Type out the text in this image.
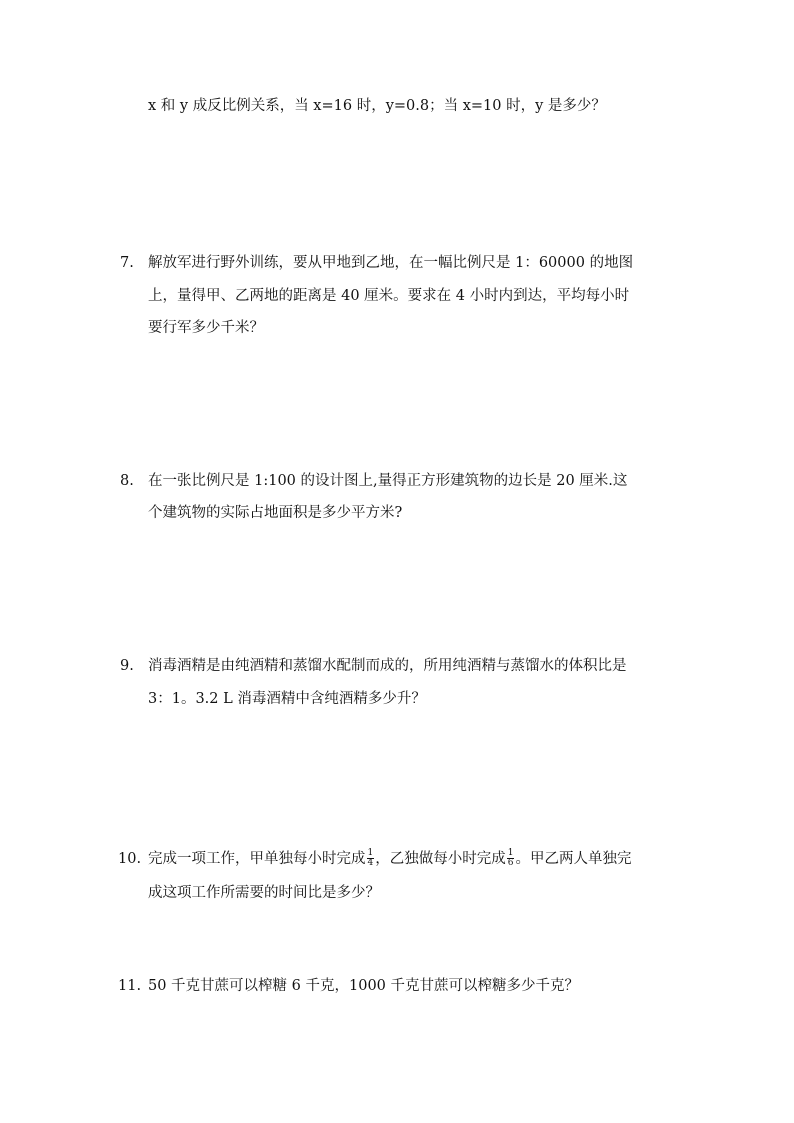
x 和 y 成反比例关系，当 x=16 时，y=0.8；当 x=10 时，y 是多少？
7. 解放军进行野外训练，要从甲地到乙地，在一幅比例尺是 1：60000 的地图
上，量得甲、乙两地的距离是 40 厘米。要求在 4 小时内到达，平均每小时
要行军多少千米？
8. 在一张比例尺是 1:100 的设计图上,量得正方形建筑物的边长是 20 厘米.这
个建筑物的实际占地面积是多少平方米?
9. 消毒酒精是由纯酒精和蒸馏水配制而成的，所用纯酒精与蒸馏水的体积比是
3：1。3.2 L 消毒酒精中含纯酒精多少升？
10. 完成一项工作，甲单独每小时完成 $\frac{1}{4}$ ，乙独做每小时完成 $\frac{1}{6}$ 。甲乙两人单独完
成这项工作所需要的时间比是多少？
11. 50 千克甘蔗可以榨糖 6 千克，1000 千克甘蔗可以榨糖多少千克？
